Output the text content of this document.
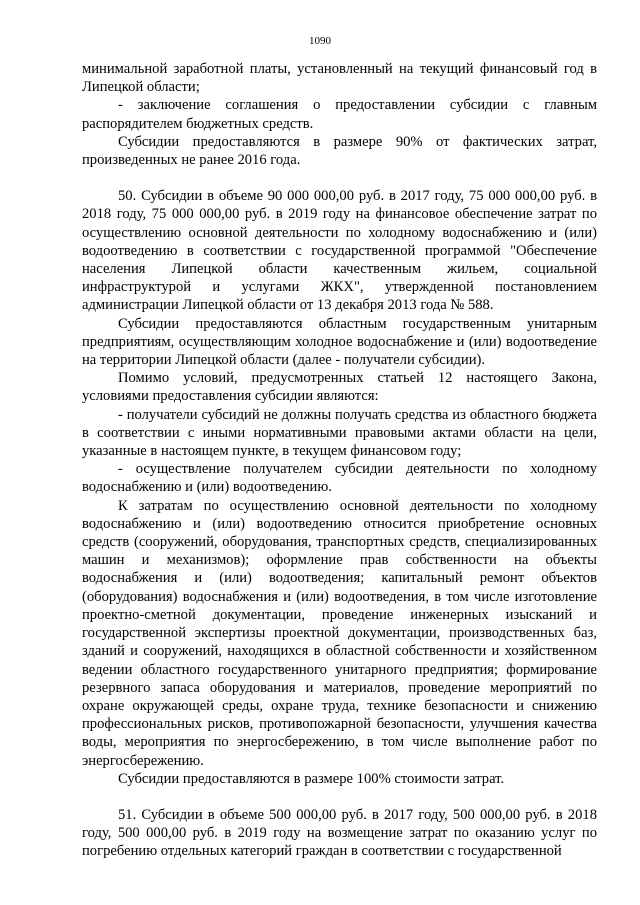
1090

минимальной заработной платы, установленный на текущий финансовый год в Липецкой области;

- заключение соглашения о предоставлении субсидии с главным распорядителем бюджетных средств.

Субсидии предоставляются в размере 90% от фактических затрат, произведенных не ранее 2016 года.

50. Субсидии в объеме 90 000 000,00 руб. в 2017 году, 75 000 000,00 руб. в 2018 году, 75 000 000,00 руб. в 2019 году на финансовое обеспечение затрат по осуществлению основной деятельности по холодному водоснабжению и (или) водоотведению в соответствии с государственной программой "Обеспечение населения Липецкой области качественным жильем, социальной инфраструктурой и услугами ЖКХ", утвержденной постановлением администрации Липецкой области от 13 декабря 2013 года № 588.

Субсидии предоставляются областным государственным унитарным предприятиям, осуществляющим холодное водоснабжение и (или) водоотведение на территории Липецкой области (далее - получатели субсидии).

Помимо условий, предусмотренных статьей 12 настоящего Закона, условиями предоставления субсидии являются:

- получатели субсидий не должны получать средства из областного бюджета в соответствии с иными нормативными правовыми актами области на цели, указанные в настоящем пункте, в текущем финансовом году;

- осуществление получателем субсидии деятельности по холодному водоснабжению и (или) водоотведению.

К затратам по осуществлению основной деятельности по холодному водоснабжению и (или) водоотведению относится приобретение основных средств (сооружений, оборудования, транспортных средств, специализированных машин и механизмов); оформление прав собственности на объекты водоснабжения и (или) водоотведения; капитальный ремонт объектов (оборудования) водоснабжения и (или) водоотведения, в том числе изготовление проектно-сметной документации, проведение инженерных изысканий и государственной экспертизы проектной документации, производственных баз, зданий и сооружений, находящихся в областной собственности и хозяйственном ведении областного государственного унитарного предприятия; формирование резервного запаса оборудования и материалов, проведение мероприятий по охране окружающей среды, охране труда, технике безопасности и снижению профессиональных рисков, противопожарной безопасности, улучшения качества воды, мероприятия по энергосбережению, в том числе выполнение работ по энергосбережению.

Субсидии предоставляются в размере 100% стоимости затрат.

51. Субсидии в объеме 500 000,00 руб. в 2017 году, 500 000,00 руб. в 2018 году, 500 000,00 руб. в 2019 году на возмещение затрат по оказанию услуг по погребению отдельных категорий граждан в соответствии с государственной
